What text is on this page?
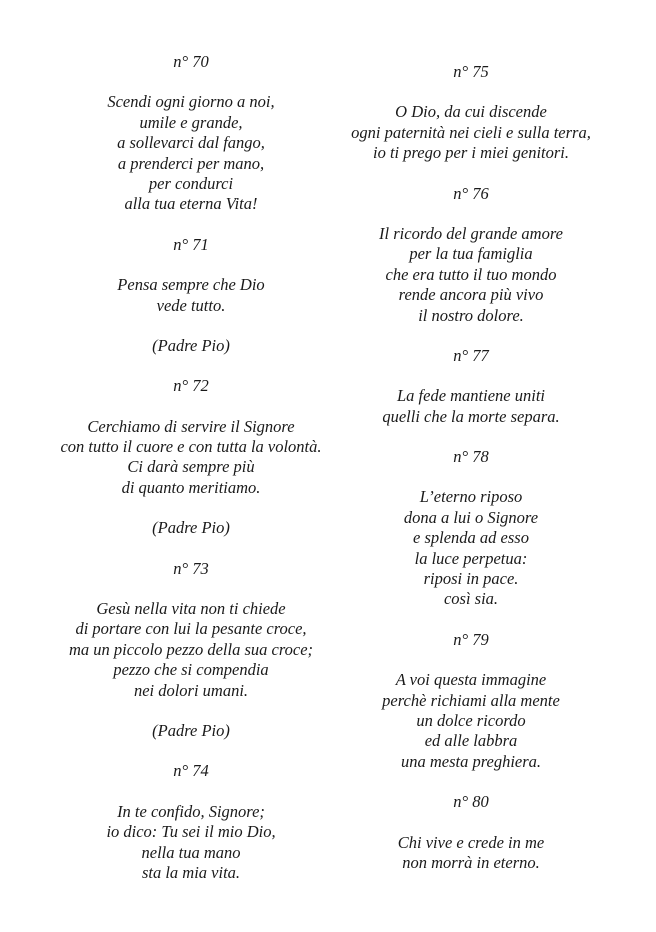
n° 70
Scendi ogni giorno a noi,
umile e grande,
a sollevarci dal fango,
a prenderci per mano,
per condurci
alla tua eterna Vita!
n° 71
Pensa sempre che Dio
vede tutto.
(Padre Pio)
n° 72
Cerchiamo di servire il Signore
con tutto il cuore e con tutta la volontà.
Ci darà sempre più
di quanto meritiamo.
(Padre Pio)
n° 73
Gesù nella vita non ti chiede
di portare con lui la pesante croce,
ma un piccolo pezzo della sua croce;
pezzo che si compendia
nei dolori umani.
(Padre Pio)
n° 74
In te confido, Signore;
io dico: Tu sei il mio Dio,
nella tua mano
sta la mia vita.
n° 75
O Dio, da cui discende
ogni paternità nei cieli e sulla terra,
io ti prego per i miei genitori.
n° 76
Il ricordo del grande amore
per la tua famiglia
che era tutto il tuo mondo
rende ancora più vivo
il nostro dolore.
n° 77
La fede mantiene uniti
quelli che la morte separa.
n° 78
L’eterno riposo
dona a lui o Signore
e splenda ad esso
la luce perpetua:
riposi in pace.
così sia.
n° 79
A voi questa immagine
perchè richiami alla mente
un dolce ricordo
ed alle labbra
una mesta preghiera.
n° 80
Chi vive e crede in me
non morrà in eterno.
